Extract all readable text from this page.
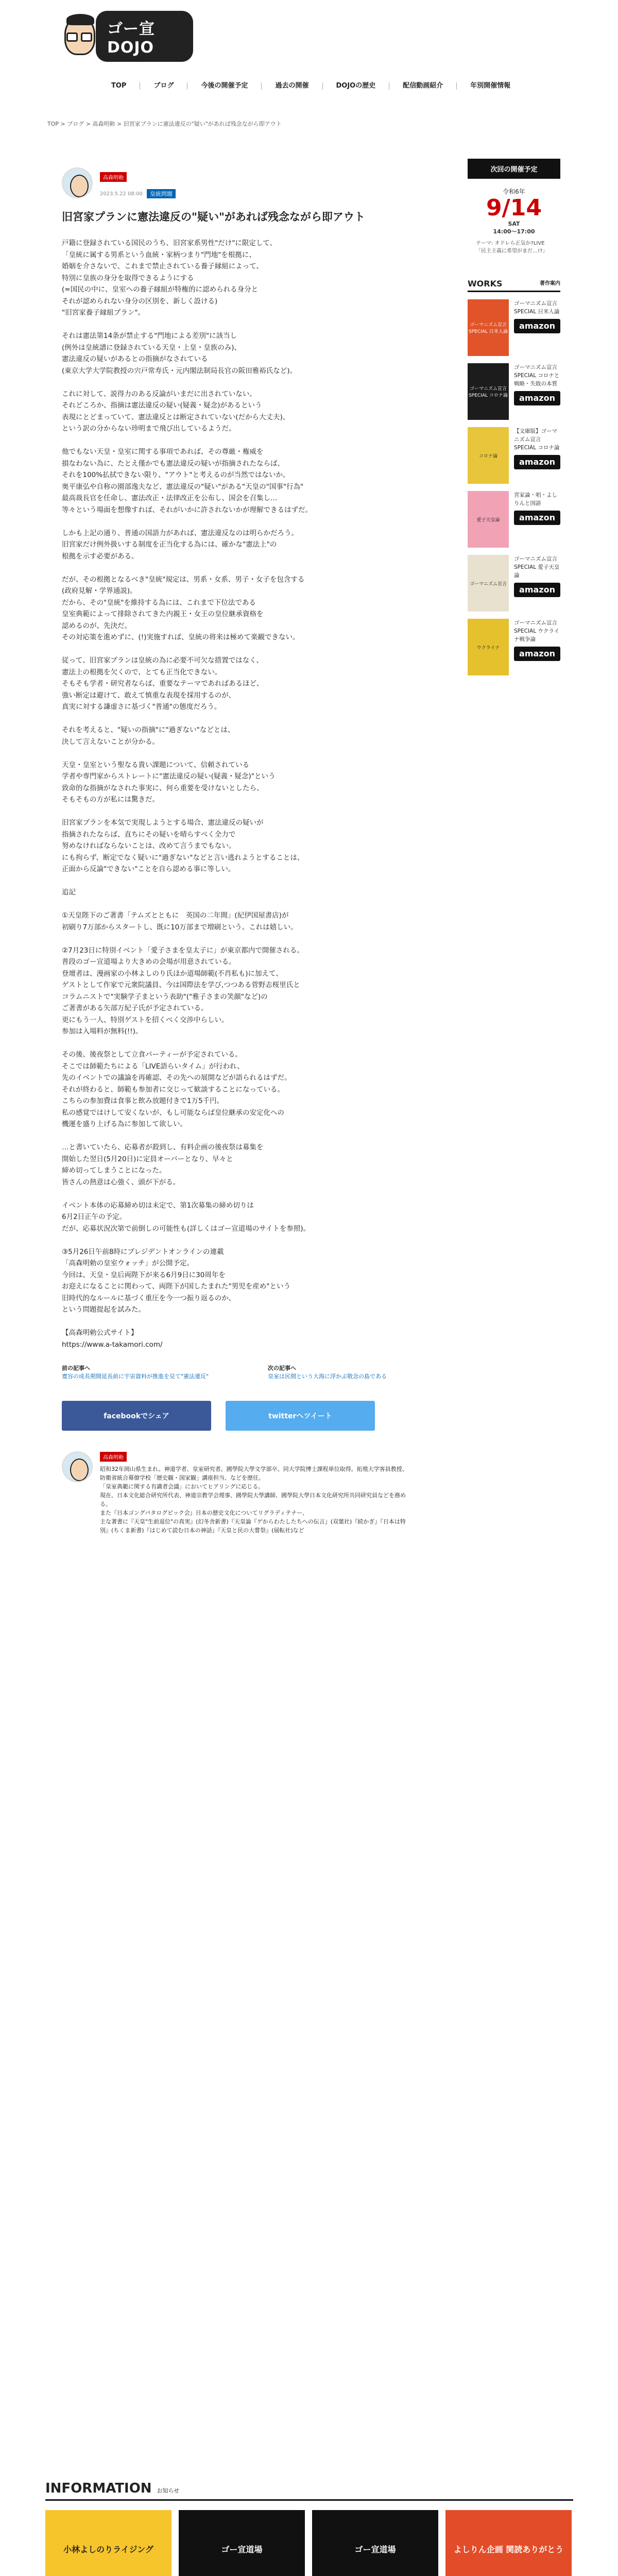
ゴー宣DOJO
TOP	ブログ	今後の開催予定	過去の開催	DOJOの歴史	配信動画紹介	年別開催情報
TOP > ブログ > 高森明勅 > 旧宮家プランに憲法違反の"疑い"があれば残念ながら即アウト
高森明勅
2023.5.22 08:00	皇統問題
旧宮家プランに憲法違反の"疑い"があれば残念ながら即アウト
戸籍に登録されている国民のうち、旧宮家系男性"だけ"に限定して、
「皇統に属する男系という血統・家柄つまり"門地"を根拠に、
婚姻を介さないで、これまで禁止されている養子縁組によって、
特別に皇族の身分を取得できるようにする
(=国民の中に、皇室への養子縁組が特権的に認められる身分と
それが認められない身分の区別を、新しく設ける)
"旧宮家養子縁組プラン"。

それは憲法第14条が禁止する"門地による差別"に該当し
(例外は皇統譜に登録されている天皇・上皇・皇族のみ)、
憲法違反の疑いがあるとの指摘がなされている
(東京大学大学院教授の宍戸常寿氏・元内閣法制局長官の阪田雅裕氏など)。

これに対して、説得力のある反論がいまだに出されていない。
それどころか、指摘は憲法違反の疑い(疑義・疑念)があるという
表現にとどまっていて、憲法違反とは断定されていない(だから大丈夫)、
という訳の分からない珍明まで飛び出しているようだ。

他でもない天皇・皇室に関する事項であれば、その尊厳・権威を
損なわない為に、たとえ僅かでも憲法違反の疑いが指摘されたならば、
それを100%払拭できない限り、"アウト"と考えるのが当然ではないか。
奥平康弘や自称の園部逸夫など、憲法違反の"疑い"がある"天皇の"国事"行為"
最高裁長官を任命し、憲法改正・法律改正を公布し、国会を召集し…
等々という場面を想像すれば、それがいかに許されないかが理解できるはずだ。

しかも上記の通り、普通の国語力があれば、憲法違反なのは明らかだろう。
旧宮家だけ例外扱いする制度を正当化する為には、確かな"憲法上"の
根拠を示す必要がある。

だが、その根拠となるべき"皇統"規定は、男系・女系、男子・女子を包含する
(政府見解・学界通説)。
だから、その"皇統"を維持する為には、これまで下位法である
皇室典範によって排除されてきた内親王・女王の皇位継承資格を
認めるのが、先決だ。
その対応策を進めずに、(!)実施すれば、皇統の将来は極めて楽観できない。

従って、旧宮家プランは皇統の為に必要不可欠な措置ではなく、
憲法上の根拠を欠くので、とても正当化できない。
そもそも学者・研究者ならば、重要なテーマであればあるほど、
強い断定は避けて、敢えて慎重な表現を採用するのが、
真実に対する謙虚さに基づく"普通"の態度だろう。

それを考えると、"疑いの指摘"に"過ぎない"などとは、
決して言えないことが分かる。

天皇・皇室という聖なる貴い課題について、信頼されている
学者や専門家からストレートに"憲法違反の疑い(疑義・疑念)"という
致命的な指摘がなされた事実に、何ら重要を受けないとしたら、
そもそもの方が私には驚きだ。

旧宮家プランを本気で実現しようとする場合、憲法違反の疑いが
指摘されたならば、直ちにその疑いを晴らすべく全力で
努めなければならないことは、改めて言うまでもない。
にも拘らず、断定でなく疑いに"過ぎない"などと言い逃れようとすることは、
正面から反論"できない"ことを自ら認める事に等しい。

追記

①天皇陛下のご著書「テムズとともに　英国の二年間」(紀伊国屋書店)が
初刷り7万部からスタートし、既に10万部まで増刷という。これは嬉しい。

②7月23日に特別イベント「愛子さまを皇太子に」が東京都内で開催される。
普段のゴー宣道場より大きめの会場が用意されている。
登壇者は、漫画家の小林よしのり氏ほか道場師範(不肖私も)に加えて、
ゲストとして作家で元衆院議員、今は国際法を学び,つつある菅野志桜里氏と
コラムニストで"実験学子まという表助"("雅子さまの笑顔"など)の
ご著書がある矢部万紀子氏が予定されている。
更にもう一人、特別ゲストを招くべく交渉中らしい。
参加は入場料が無料(!!)。

その後、後夜祭として立食パーティーが予定されている。
そこでは師範たちによる「LIVE語らいタイム」が行われ、
先のイベントでの議論を再確認、その先への展開などが語られるはずだ。
それが終わると、師範も参加者に交じって歓談することになっている。
こちらの参加費は食事と飲み放題付きで1万5千円。
私の感覚ではけして安くないが、もし可能ならば皇位継承の安定化への
機運を盛り上げる為に参加して欲しい。

…と書いていたら、応募者が殺到し、有料企画の後夜祭は募集を
開始した翌日(5月20日)に定員オーバーとなり、早々と
締め切ってしまうことになった。
皆さんの熱意は心強く、頭が下がる。

イベント本体の応募締め切は未定で、第1次募集の締め切りは
6月2日正午の予定。
だが、応募状況次第で前倒しの可能性も(詳しくはゴー宣道場のサイトを参照)。

③5月26日午前8時にプレジデントオンラインの連載
「高森明勅の皇室ウォッチ」が公開予定。
今回は、天皇・皇后両陛下が来る6月9日に30周年を
お迎えになることに関わって、両陛下が国したまれた"男児を産め"という
旧時代的なルールに基づく重圧を今一つ振り返るのか、
という問題提起を試みた。

【高森明勅公式サイト】
https://www.a-takamori.com/
前の記事へ
寛容の成長期間延長前に宇宙資料が推進を見て"憲法違反"
次の記事へ
皇室は民間という大海に浮かぶ敬念の島である
facebookでシェア	twitterへツイート
高森明勅
昭和32年岡山県生まれ。神道学者、皇室研究者。國學院大學文学部卒、同大学院博士課程単位取得。拓殖大学客員教授、防衛省統合幕僚学校「歴史観・国家観」講座担当、などを歴任。
「皇室典範に関する有識者会議」においてヒアリングに応じる。
現在、日本文化総合研究所代表、神道宗教学会理事、國學院大學講師、國學院大學日本文化研究所共同研究員などを務める。
また『日本ゴングパタログピック会』日本の歴史文化についてリグラディテナー、
主な著書に『天皇"生前退位"の真実』(幻冬舎新書)『天皇論『ゲからわたしたちへの伝言』(双葉社)『続かぎ』『日本は特別』(ちくま新書)『はじめて読む日本の神話』『天皇と民の大嘗祭』(展転社)など
次回の開催予定
令和6年
9/14
SAT
14:00〜17:00
テーマ: オドレら正気か?LIVE「民主主義に希望がまだ…!?」
WORKS	著作案内
ゴーマニズム宣言SPECIAL 日米人論
ゴーマニズム宣言SPECIAL 日米人論
amazon
ゴーマニズム宣言SPECIAL コロナ論
ゴーマニズム宣言SPECIAL コロナと戦略・失敗の本質
amazon
コロナ論
【文庫版】ゴーマニズム宣言SPECIAL コロナ論
amazon
愛子天皇論
宮家論・唱・よしりんと国語
amazon
ゴーマニズム宣言
ゴーマニズム宣言SPECIAL 愛子天皇論
amazon
ウクライナ
ゴーマニズム宣言SPECIAL ウクライナ戦争論
amazon
INFORMATION お知らせ
小林よしのりライジング	ゴー宣道場	ゴー宣道場	よしりん企画 関読ありがとう
